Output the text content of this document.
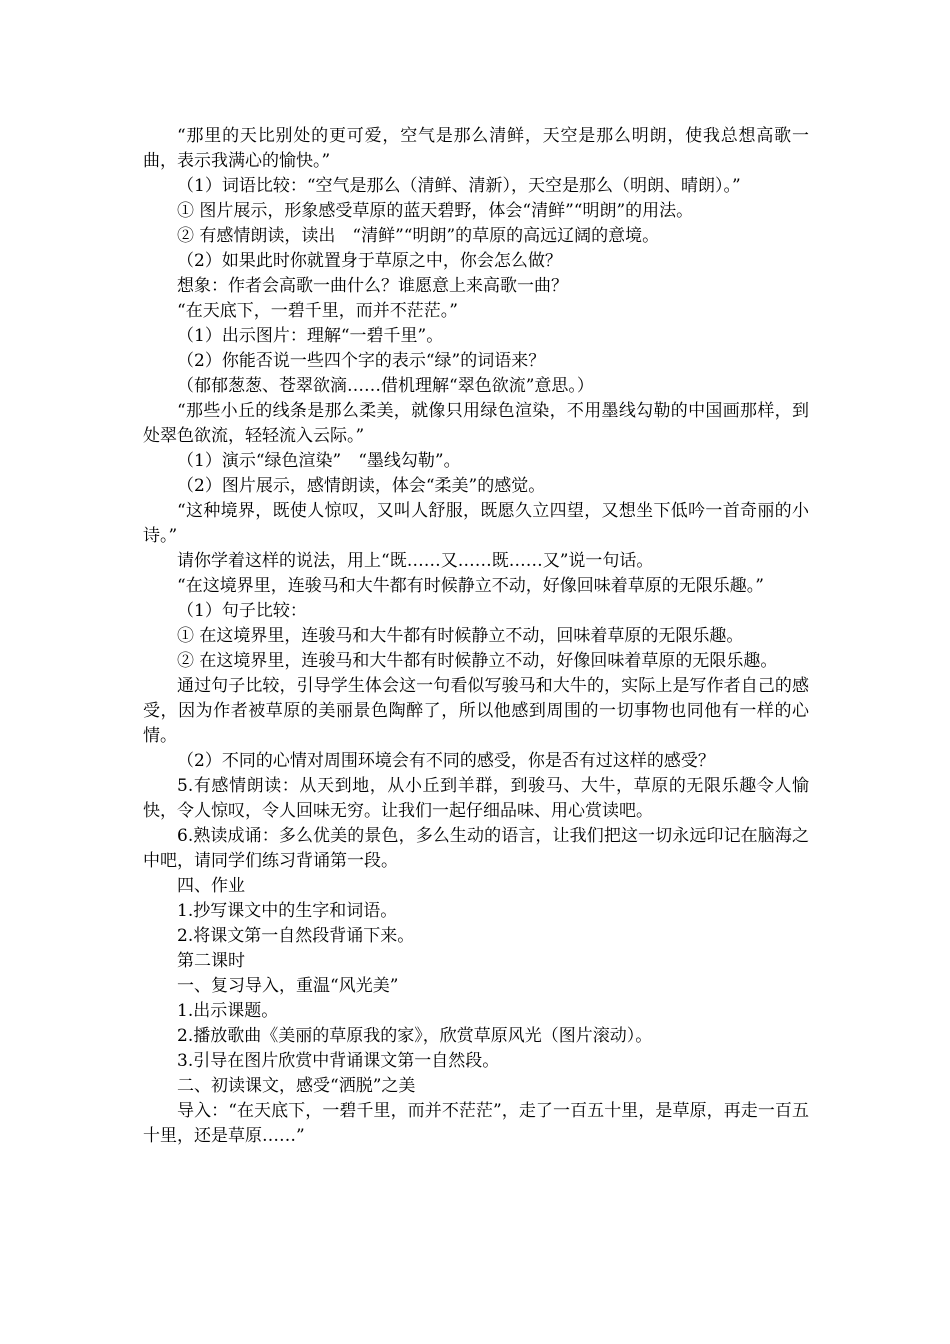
“那里的天比别处的更可爱，空气是那么清鲜，天空是那么明朗，使我总想高歌一曲，表示我满心的愉快。”

（1）词语比较：“空气是那么（清鲜、清新），天空是那么（明朗、晴朗）。”

① 图片展示，形象感受草原的蓝天碧野，体会“清鲜”“明朗”的用法。

② 有感情朗读，读出　“清鲜”“明朗”的草原的高远辽阔的意境。

（2）如果此时你就置身于草原之中，你会怎么做？

想象：作者会高歌一曲什么？谁愿意上来高歌一曲？

“在天底下，一碧千里，而并不茫茫。”

（1）出示图片：理解“一碧千里”。

（2）你能否说一些四个字的表示“绿”的词语来？

（郁郁葱葱、苍翠欲滴……借机理解“翠色欲流”意思。）

“那些小丘的线条是那么柔美，就像只用绿色渲染，不用墨线勾勒的中国画那样，到处翠色欲流，轻轻流入云际。”

（1）演示“绿色渲染”　“墨线勾勒”。

（2）图片展示，感情朗读，体会“柔美”的感觉。

“这种境界，既使人惊叹，又叫人舒服，既愿久立四望，又想坐下低吟一首奇丽的小诗。”

请你学着这样的说法，用上“既……又……既……又”说一句话。

“在这境界里，连骏马和大牛都有时候静立不动，好像回味着草原的无限乐趣。”

（1）句子比较：

① 在这境界里，连骏马和大牛都有时候静立不动，回味着草原的无限乐趣。

② 在这境界里，连骏马和大牛都有时候静立不动，好像回味着草原的无限乐趣。

通过句子比较，引导学生体会这一句看似写骏马和大牛的，实际上是写作者自己的感受，因为作者被草原的美丽景色陶醉了，所以他感到周围的一切事物也同他有一样的心情。

（2）不同的心情对周围环境会有不同的感受，你是否有过这样的感受？

5.有感情朗读：从天到地，从小丘到羊群，到骏马、大牛，草原的无限乐趣令人愉快，令人惊叹，令人回味无穷。让我们一起仔细品味、用心赏读吧。

6.熟读成诵：多么优美的景色，多么生动的语言，让我们把这一切永远印记在脑海之中吧，请同学们练习背诵第一段。

四、作业

1.抄写课文中的生字和词语。

2.将课文第一自然段背诵下来。

第二课时

一、复习导入，重温“风光美”

1.出示课题。

2.播放歌曲《美丽的草原我的家》，欣赏草原风光（图片滚动）。

3.引导在图片欣赏中背诵课文第一自然段。

二、初读课文，感受“洒脱”之美

导入：“在天底下，一碧千里，而并不茫茫”，走了一百五十里，是草原，再走一百五十里，还是草原……”
